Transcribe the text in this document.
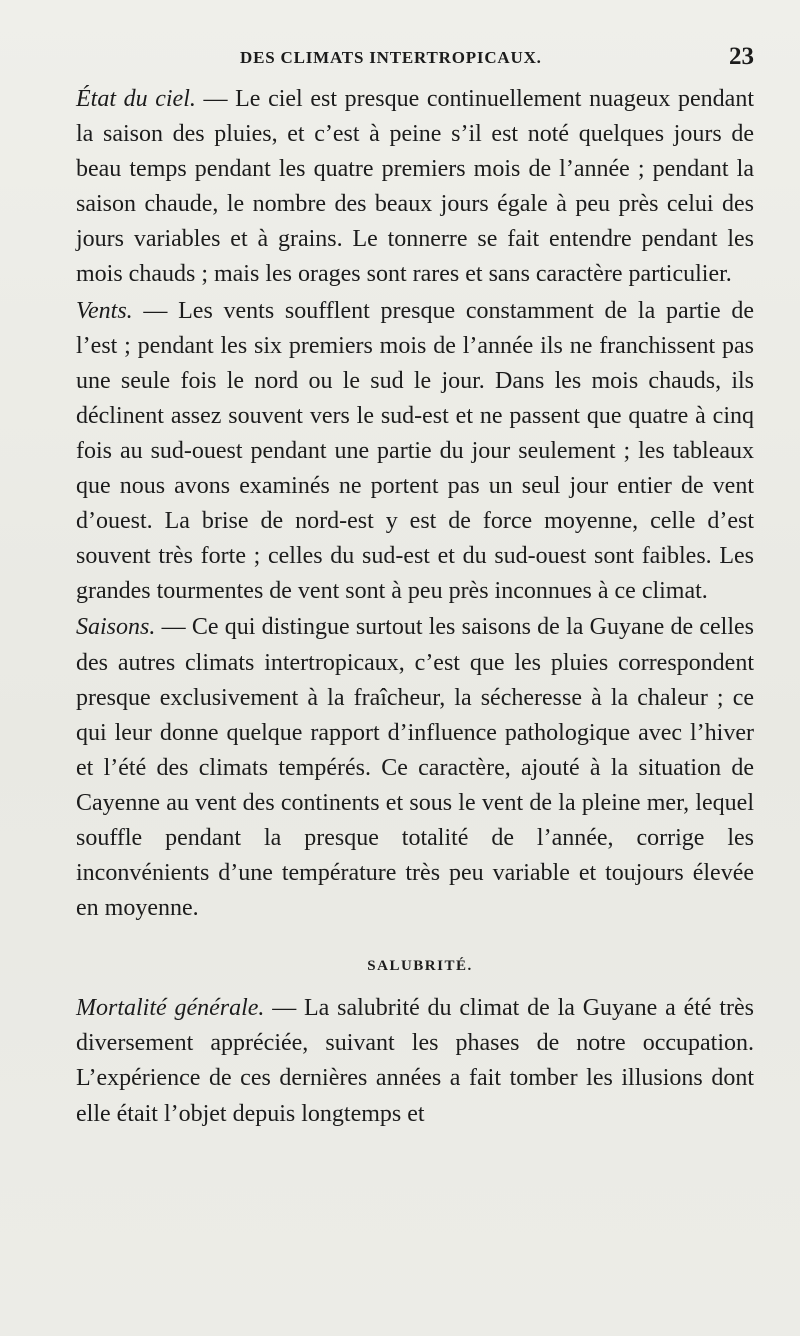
DES CLIMATS INTERTROPICAUX.	23

État du ciel. — Le ciel est presque continuellement nuageux pendant la saison des pluies, et c’est à peine s’il est noté quelques jours de beau temps pendant les quatre premiers mois de l’année ; pendant la saison chaude, le nombre des beaux jours égale à peu près celui des jours variables et à grains. Le tonnerre se fait entendre pendant les mois chauds ; mais les orages sont rares et sans caractère particulier.

Vents. — Les vents soufflent presque constamment de la partie de l’est ; pendant les six premiers mois de l’année ils ne franchissent pas une seule fois le nord ou le sud le jour. Dans les mois chauds, ils déclinent assez souvent vers le sud-est et ne passent que quatre à cinq fois au sud-ouest pendant une partie du jour seulement ; les tableaux que nous avons examinés ne portent pas un seul jour entier de vent d’ouest. La brise de nord-est y est de force moyenne, celle d’est souvent très forte ; celles du sud-est et du sud-ouest sont faibles. Les grandes tourmentes de vent sont à peu près inconnues à ce climat.

Saisons. — Ce qui distingue surtout les saisons de la Guyane de celles des autres climats intertropicaux, c’est que les pluies correspondent presque exclusivement à la fraîcheur, la sécheresse à la chaleur ; ce qui leur donne quelque rapport d’influence pathologique avec l’hiver et l’été des climats tempérés. Ce caractère, ajouté à la situation de Cayenne au vent des continents et sous le vent de la pleine mer, lequel souffle pendant la presque totalité de l’année, corrige les inconvénients d’une température très peu variable et toujours élevée en moyenne.

SALUBRITÉ.

Mortalité générale. — La salubrité du climat de la Guyane a été très diversement appréciée, suivant les phases de notre occupation. L’expérience de ces dernières années a fait tomber les illusions dont elle était l’objet depuis longtemps et
